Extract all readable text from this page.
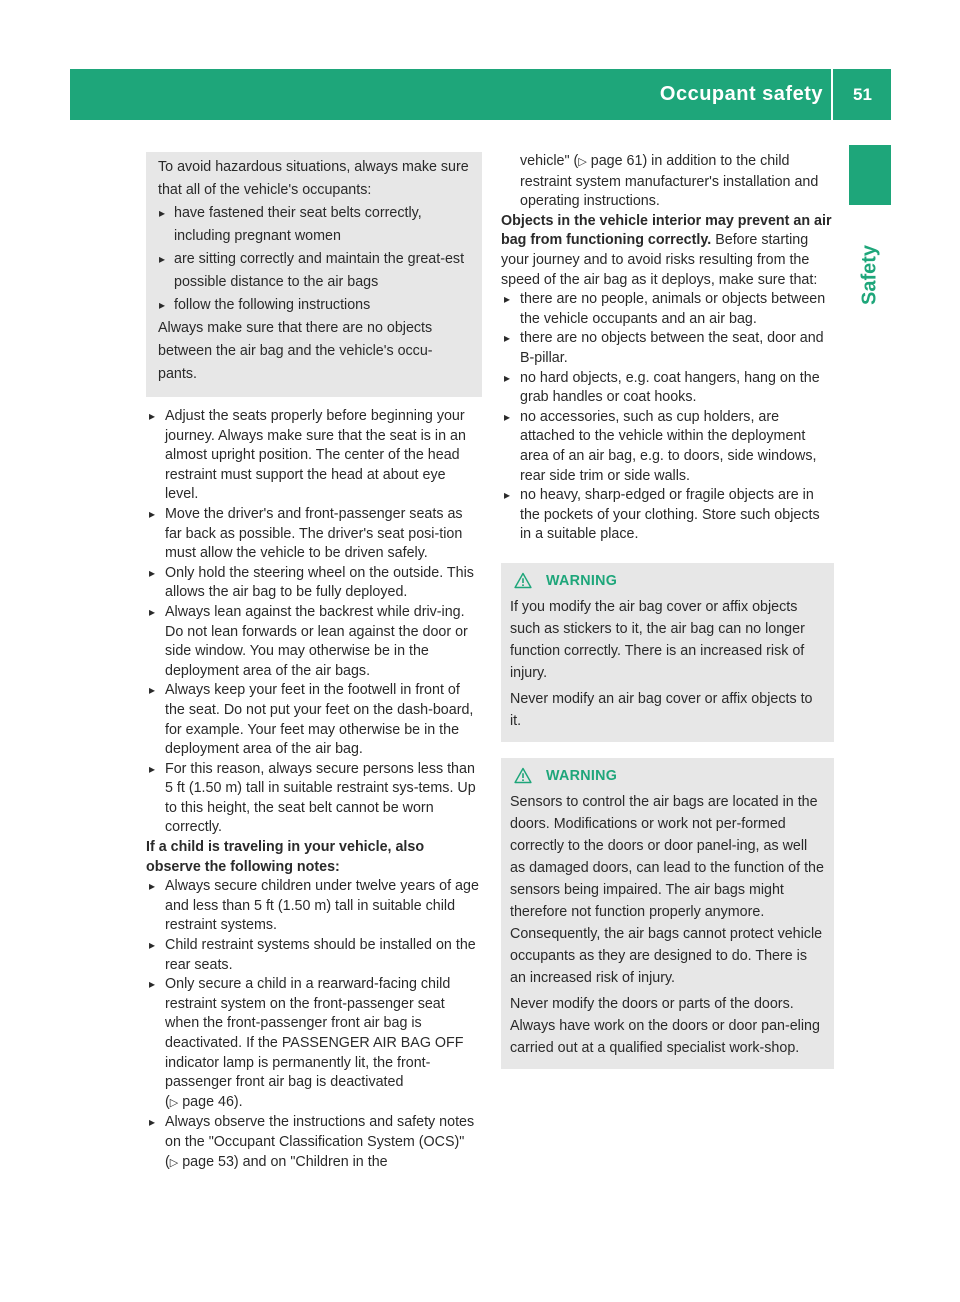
Occupant safety	51
Safety

To avoid hazardous situations, always make sure that all of the vehicle's occupants:

▸ have fastened their seat belts correctly, including pregnant women

▸ are sitting correctly and maintain the great-est possible distance to the air bags

▸ follow the following instructions

Always make sure that there are no objects between the air bag and the vehicle's occu-pants.

▸ Adjust the seats properly before beginning your journey. Always make sure that the seat is in an almost upright position. The center of the head restraint must support the head at about eye level.
▸ Move the driver's and front-passenger seats as far back as possible. The driver's seat posi-tion must allow the vehicle to be driven safely.
▸ Only hold the steering wheel on the outside. This allows the air bag to be fully deployed.
▸ Always lean against the backrest while driv-ing. Do not lean forwards or lean against the door or side window. You may otherwise be in the deployment area of the air bags.
▸ Always keep your feet in the footwell in front of the seat. Do not put your feet on the dash-board, for example. Your feet may otherwise be in the deployment area of the air bag.
▸ For this reason, always secure persons less than 5 ft (1.50 m) tall in suitable restraint sys-tems. Up to this height, the seat belt cannot be worn correctly.
If a child is traveling in your vehicle, also observe the following notes:
▸ Always secure children under twelve years of age and less than 5 ft (1.50 m) tall in suitable child restraint systems.
▸ Child restraint systems should be installed on the rear seats.
▸ Only secure a child in a rearward-facing child restraint system on the front-passenger seat when the front-passenger front air bag is deactivated. If the PASSENGER AIR BAG OFF indicator lamp is permanently lit, the front-passenger front air bag is deactivated
(▷ page 46).
▸ Always observe the instructions and safety notes on the "Occupant Classification System (OCS)" (▷ page 53) and on "Children in the
vehicle" (▷ page 61) in addition to the child restraint system manufacturer's installation and operating instructions.

Objects in the vehicle interior may prevent an air bag from functioning correctly. Before starting your journey and to avoid risks resulting from the speed of the air bag as it deploys, make sure that:

▸ there are no people, animals or objects between the vehicle occupants and an air bag.
▸ there are no objects between the seat, door and B-pillar.
▸ no hard objects, e.g. coat hangers, hang on the grab handles or coat hooks.
▸ no accessories, such as cup holders, are attached to the vehicle within the deployment area of an air bag, e.g. to doors, side windows, rear side trim or side walls.
▸ no heavy, sharp-edged or fragile objects are in the pockets of your clothing. Store such objects in a suitable place.
WARNING

If you modify the air bag cover or affix objects such as stickers to it, the air bag can no longer function correctly. There is an increased risk of injury.

Never modify an air bag cover or affix objects to it.

WARNING

Sensors to control the air bags are located in the doors. Modifications or work not per-formed correctly to the doors or door panel-ing, as well as damaged doors, can lead to the function of the sensors being impaired. The air bags might therefore not function properly anymore. Consequently, the air bags cannot protect vehicle occupants as they are designed to do. There is an increased risk of injury.

Never modify the doors or parts of the doors. Always have work on the doors or door pan-eling carried out at a qualified specialist work-shop.
